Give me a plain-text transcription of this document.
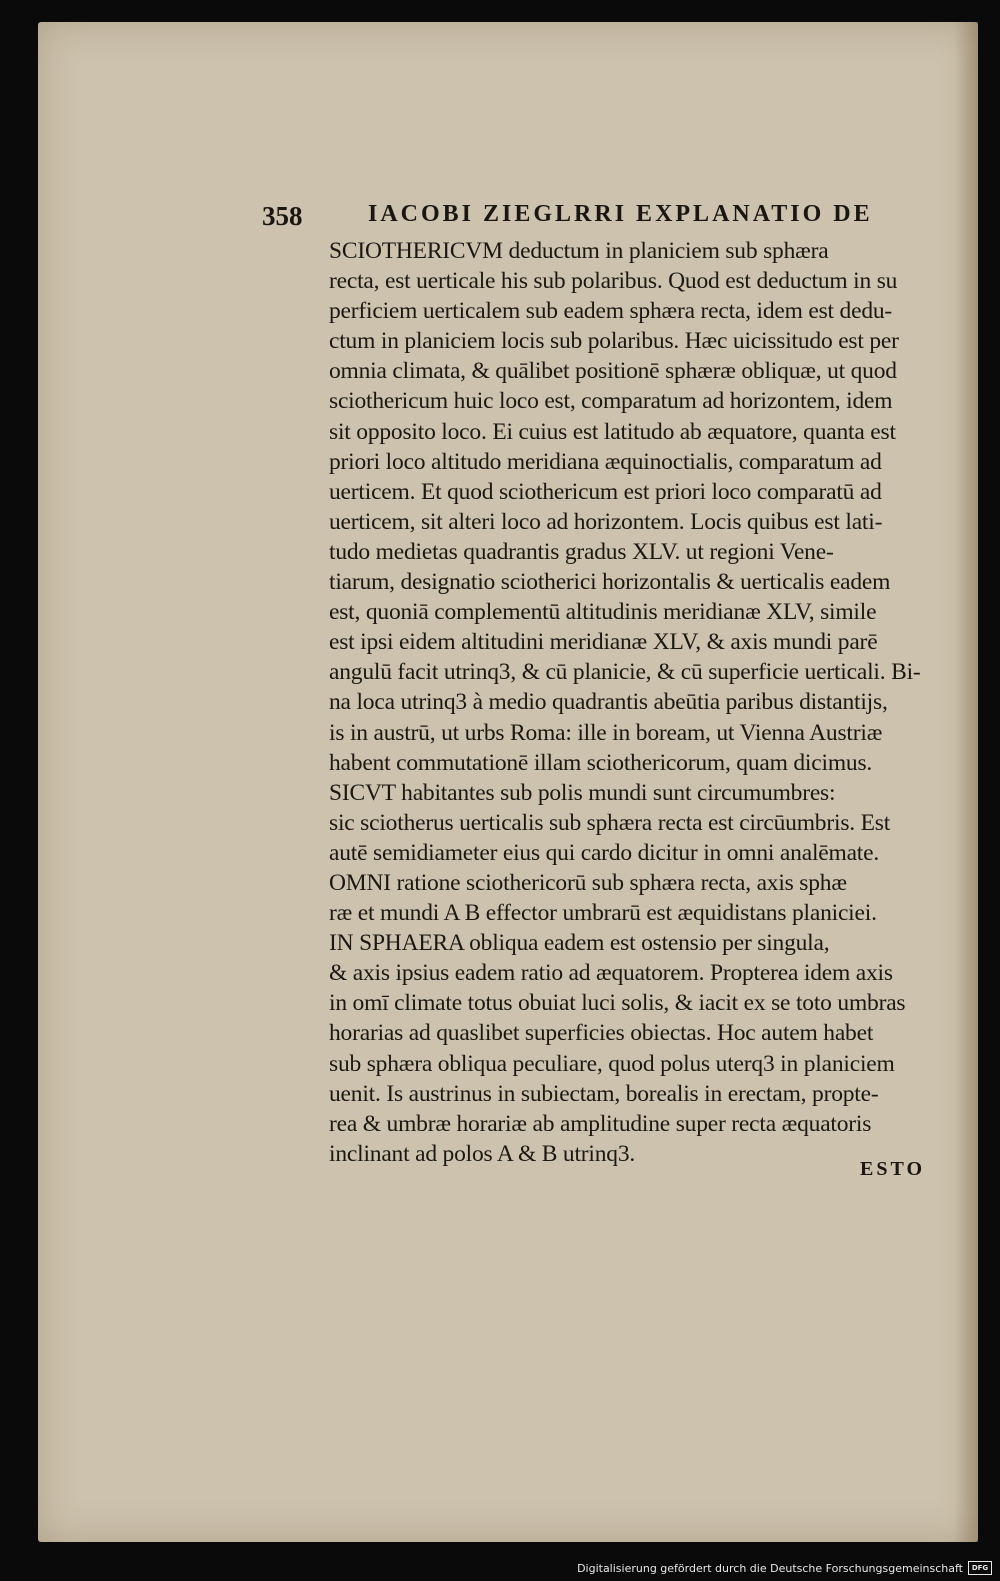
358	IACOBI ZIEGLRRI EXPLANATIO DE
SCIOTHERICVM deductum in planiciem sub sphæra
recta, est uerticale his sub polaribus. Quod est deductum in su
perficiem uerticalem sub eadem sphæra recta, idem est dedu-
ctum in planiciem locis sub polaribus. Hæc uicissitudo est per
omnia climata, & quālibet positionē sphæræ obliquæ, ut quod
sciothericum huic loco est, comparatum ad horizontem, idem
sit opposito loco. Ei cuius est latitudo ab æquatore, quanta est
priori loco altitudo meridiana æquinoctialis, comparatum ad
uerticem. Et quod sciothericum est priori loco comparatū ad
uerticem, sit alteri loco ad horizontem. Locis quibus est lati-
tudo medietas quadrantis gradus XLV. ut regioni Vene-
tiarum, designatio sciotherici horizontalis & uerticalis eadem
est, quoniā complementū altitudinis meridianæ XLV, simile
est ipsi eidem altitudini meridianæ XLV, & axis mundi parē
angulū facit utrinq3, & cū planicie, & cū superficie uerticali. Bi-
na loca utrinq3 à medio quadrantis abeūtia paribus distantijs,
is in austrū, ut urbs Roma: ille in boream, ut Vienna Austriæ
habent commutationē illam sciothericorum, quam dicimus.
SICVT habitantes sub polis mundi sunt circumumbres:
sic sciotherus uerticalis sub sphæra recta est circūumbris. Est
autē semidiameter eius qui cardo dicitur in omni analēmate.
OMNI ratione sciothericorū sub sphæra recta, axis sphæ
ræ et mundi A B effector umbrarū est æquidistans planiciei.
IN SPHAERA obliqua eadem est ostensio per singula,
& axis ipsius eadem ratio ad æquatorem. Propterea idem axis
in omī climate totus obuiat luci solis, & iacit ex se toto umbras
horarias ad quaslibet superficies obiectas. Hoc autem habet
sub sphæra obliqua peculiare, quod polus uterq3 in planiciem
uenit. Is austrinus in subiectam, borealis in erectam, propte-
rea & umbræ horariæ ab amplitudine super recta æquatoris
inclinant ad polos A & B utrinq3.
ESTO
Digitalisierung gefördert durch die Deutsche Forschungsgemeinschaft	DFG
